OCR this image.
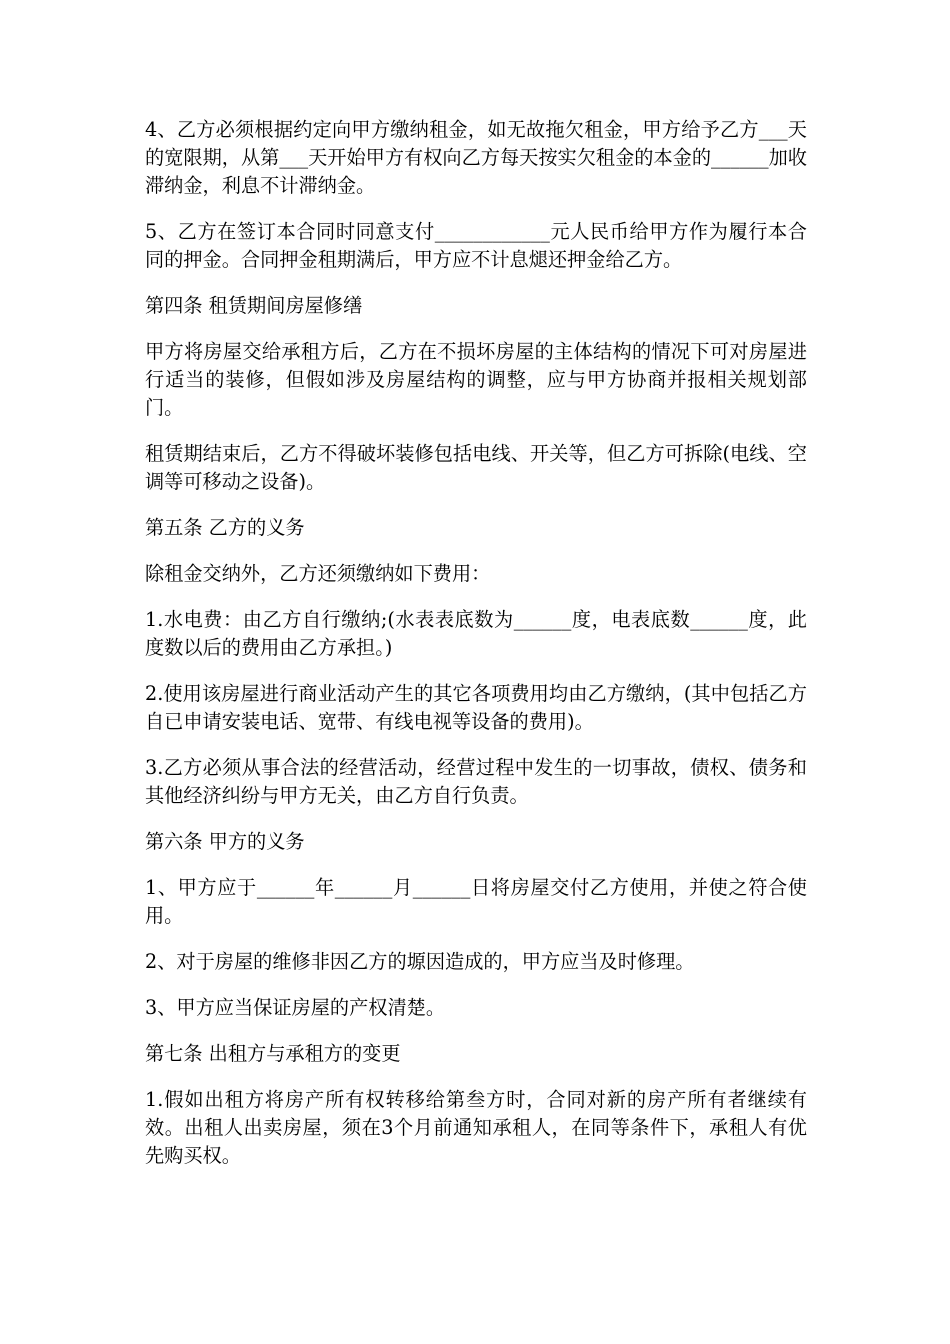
4、乙方必须根据约定向甲方缴纳租金，如无故拖欠租金，甲方给予乙方___天的宽限期，从第___天开始甲方有权向乙方每天按实欠租金的本金的______加收滞纳金，利息不计滞纳金。

5、乙方在签订本合同时同意支付____________元人民币给甲方作为履行本合同的押金。合同押金租期满后，甲方应不计息煺还押金给乙方。

第四条 租赁期间房屋修缮

甲方将房屋交给承租方后，乙方在不损坏房屋的主体结构的情况下可对房屋进行适当的装修，但假如涉及房屋结构的调整，应与甲方协商并报相关规划部门。

租赁期结束后，乙方不得破坏装修包括电线、开关等，但乙方可拆除(电线、空调等可移动之设备)。

第五条 乙方的义务

除租金交纳外，乙方还须缴纳如下费用：

1.水电费：由乙方自行缴纳;(水表表底数为______度，电表底数______度，此度数以后的费用由乙方承担。)

2.使用该房屋进行商业活动产生的其它各项费用均由乙方缴纳，(其中包括乙方自已申请安装电话、宽带、有线电视等设备的费用)。

3.乙方必须从事合法的经营活动，经营过程中发生的一切事故，债权、债务和其他经济纠纷与甲方无关，由乙方自行负责。

第六条 甲方的义务

1、甲方应于______年______月______日将房屋交付乙方使用，并使之符合使用。

2、对于房屋的维修非因乙方的塬因造成的，甲方应当及时修理。

3、甲方应当保证房屋的产权清楚。

第七条 出租方与承租方的变更

1.假如出租方将房产所有权转移给第叁方时，合同对新的房产所有者继续有效。出租人出卖房屋，须在3个月前通知承租人，在同等条件下，承租人有优先购买权。
